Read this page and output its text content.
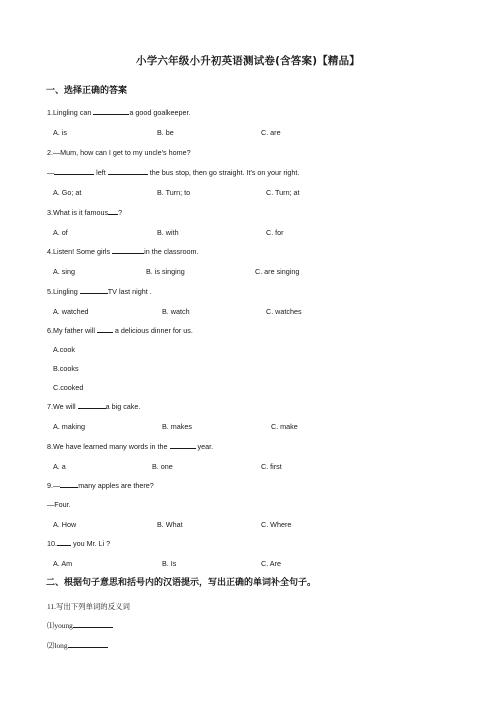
小学六年级小升初英语测试卷(含答案)【精品】
一、选择正确的答案
1.Lingling can	a good goalkeeper.
A. is	B. be	C. are
2.—Mum, how can I get to my uncle's home?
—	left	the bus stop, then go straight. It's on your right.
A. Go; at	B. Turn; to	C. Turn; at
3.What is it famous ?
A. of	B. with	C. for
4.Listen! Some girls	in the classroom.
A. sing	B. is singing	C. are singing
5.Lingling	TV last night .
A. watched	B. watch	C. watches
6.My father will  a delicious dinner for us.
A.cook
B.cooks
C.cooked
7.We will	a big cake.
A. making	B. makes	C. make
8.We have learned many words in the	year.
A. a	B. one	C. first
9.—	many apples are there?
—Four.
A. How	B. What	C. Where
10. you Mr. Li ?
A. Am	B. Is	C. Are
二、根据句子意思和括号内的汉语提示，写出正确的单词补全句子。
11.写出下列单词的反义词
⑴young
⑵long
